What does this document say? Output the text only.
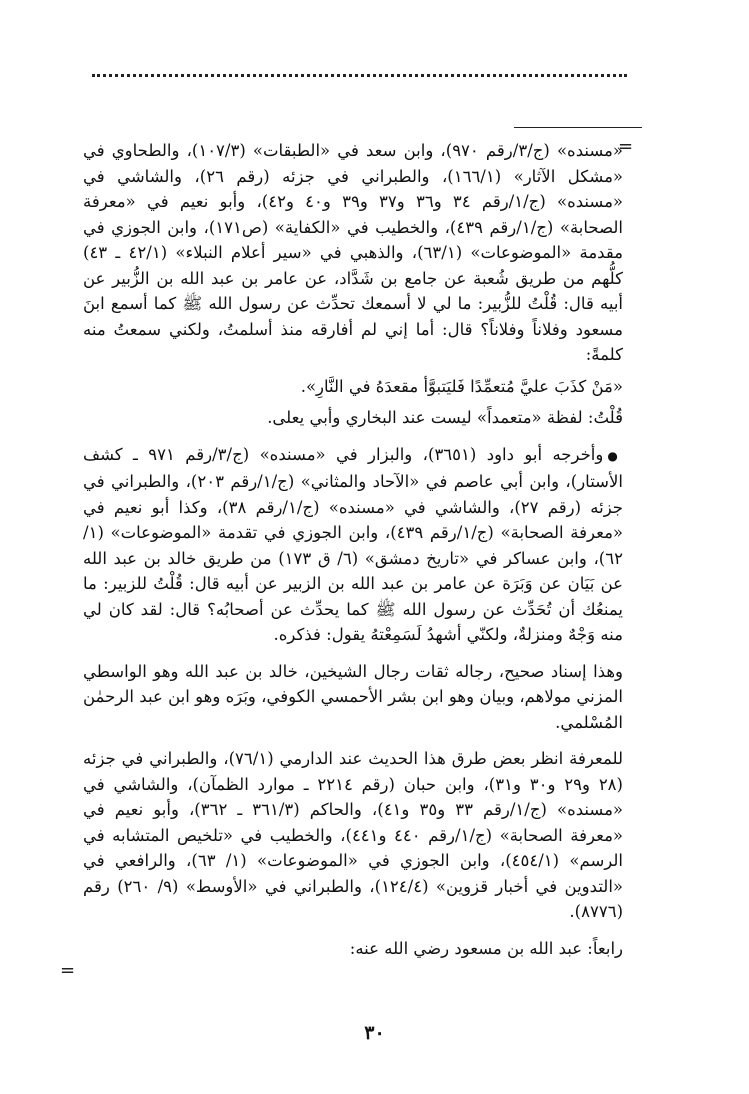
=

«مسنده» (ج/٣/رقم ٩٧٠)، وابن سعد في «الطبقات» (١٠٧/٣)، والطحاوي في «مشكل الآثار» (١٦٦/١)، والطبراني في جزئه (رقم ٢٦)، والشاشي في «مسنده» (ج/١/رقم ٣٤ و٣٦ و٣٧ و٣٩ و٤٠ و٤٢)، وأبو نعيم في «معرفة الصحابة» (ج/١/رقم ٤٣٩)، والخطيب في «الكفاية» (ص١٧١)، وابن الجوزي في مقدمة «الموضوعات» (٦٣/١)، والذهبي في «سير أعلام النبلاء» (٤٢/١ ـ ٤٣) كلُّهم من طريق شُعبة عن جامع بن شَدَّاد، عن عامر بن عبد الله بن الزُّبير عن أبيه قال: قُلْتُ للزُّبير: ما لي لا أسمعك تحدِّث عن رسول الله ﷺ كما أسمع ابنَ مسعود وفلاناً وفلاناً؟ قال: أما إني لم أفارقه منذ أسلمتُ، ولكني سمعتُ منه كلمةً:

«مَنْ كذَبَ عليَّ مُتعمِّدًا فَليَتبوَّأ مقعدَهُ في النَّارِ».

قُلْتُ: لفظة «متعمداً» ليست عند البخاري وأبي يعلى.

●وأخرجه أبو داود (٣٦٥١)، والبزار في «مسنده» (ج/٣/رقم ٩٧١ ـ كشف الأستار)، وابن أبي عاصم في «الآحاد والمثاني» (ج/١/رقم ٢٠٣)، والطبراني في جزئه (رقم ٢٧)، والشاشي في «مسنده» (ج/١/رقم ٣٨)، وكذا أبو نعيم في «معرفة الصحابة» (ج/١/رقم ٤٣٩)، وابن الجوزي في تقدمة «الموضوعات» (١/ ٦٢)، وابن عساكر في «تاريخ دمشق» (٦/ ق ١٧٣) من طريق خالد بن عبد الله عن بَيَان عن وَبَرَة عن عامر بن عبد الله بن الزبير عن أبيه قال: قُلْتُ للزبير: ما يمنعُك أن تُحَدِّث عن رسول الله ﷺ كما يحدِّث عن أصحابُه؟ قال: لقد كان لي منه وَجْهٌ ومنزلةٌ، ولكنّي أشهدُ لَسَمِعْتهُ يقول: فذكره.

وهذا إسناد صحيح، رجاله ثقات رجال الشيخين، خالد بن عبد الله وهو الواسطي المزني مولاهم، وبيان وهو ابن بشر الأحمسي الكوفي، وبَرَه وهو ابن عبد الرحمٰن المُسْلمي.

للمعرفة انظر بعض طرق هذا الحديث عند الدارمي (٧٦/١)، والطبراني في جزئه (٢٨ و٢٩ و٣٠ و٣١)، وابن حبان (رقم ٢٢١٤ ـ موارد الظمآن)، والشاشي في «مسنده» (ج/١/رقم ٣٣ و٣٥ و٤١)، والحاكم (٣٦١/٣ ـ ٣٦٢)، وأبو نعيم في «معرفة الصحابة» (ج/١/رقم ٤٤٠ و٤٤١)، والخطيب في «تلخيص المتشابه في الرسم» (٤٥٤/١)، وابن الجوزي في «الموضوعات» (١/ ٦٣)، والرافعي في «التدوين في أخبار قزوين» (١٢٤/٤)، والطبراني في «الأوسط» (٩/ ٢٦٠) رقم (٨٧٧٦).

رابعاً: عبد الله بن مسعود رضي الله عنه:

=
٣٠
